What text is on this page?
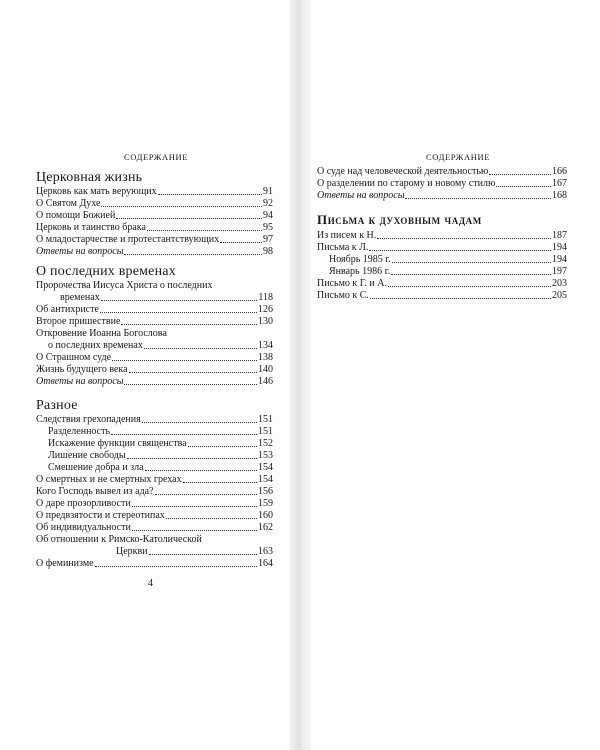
СОДЕРЖАНИЕ
Церковная жизнь
Церковь как мать верующих	91
О Святом Духе	92
О помощи Божией	94
Церковь и таинство брака	95
О младостарчестве и протестантствующих	97
Ответы на вопросы	98
О последних временах
Пророчества Иисуса Христа о последних
временах	118
Об антихристе	126
Второе пришествие	130
Откровение Иоанна Богослова
о последних временах	134
О Страшном суде	138
Жизнь будущего века	140
Ответы на вопросы	146
Разное
Следствия грехопадения	151
Разделенность	151
Искажение функции священства	152
Лишение свободы	153
Смешение добра и зла	154
О смертных и не смертных грехах	154
Кого Господь вывел из ада?	156
О даре прозорливости	159
О предвзятости и стереотипах	160
Об индивидуальности	162
Об отношении к Римско-Католической
Церкви	163
О феминизме	164
4
СОДЕРЖАНИЕ
О суде над человеческой деятельностью	166
О разделении по старому и новому стилю	167
Ответы на вопросы	168
Письма к духовным чадам
Из писем к Н.	187
Письма к Л.	194
Ноябрь 1985 г.	194
Январь 1986 г.	197
Письмо к Г. и А.	203
Письмо к С.	205
